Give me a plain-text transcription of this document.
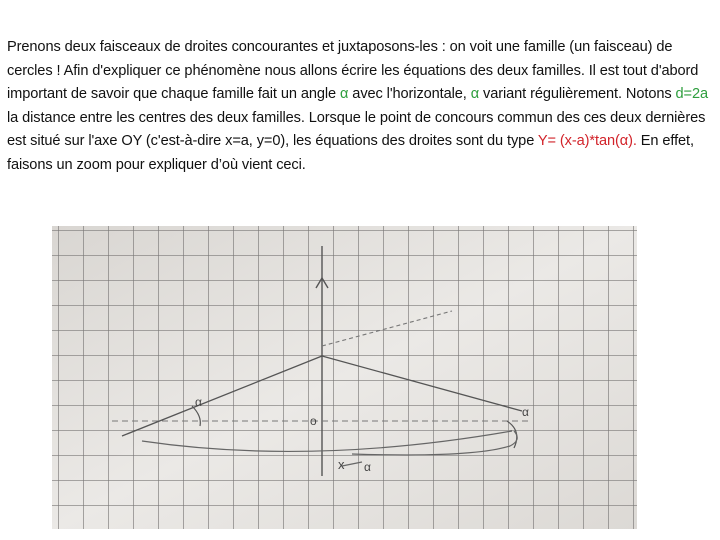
Prenons deux faisceaux de droites concourantes et juxtaposons-les : on voit une famille (un faisceau) de cercles ! Afin d'expliquer ce phénomène nous allons écrire les équations des deux familles. Il est tout d'abord important de savoir que chaque famille fait un angle α avec l'horizontale, α variant régulièrement. Notons d=2a la distance entre les centres des deux familles. Lorsque le point de concours commun des ces deux dernières est situé sur l'axe OY (c'est-à-dire x=a, y=0), les équations des droites sont du type Y= (x-a)*tan(α). En effet, faisons un zoom pour expliquer d’où vient ceci.
o
x α
α
α
